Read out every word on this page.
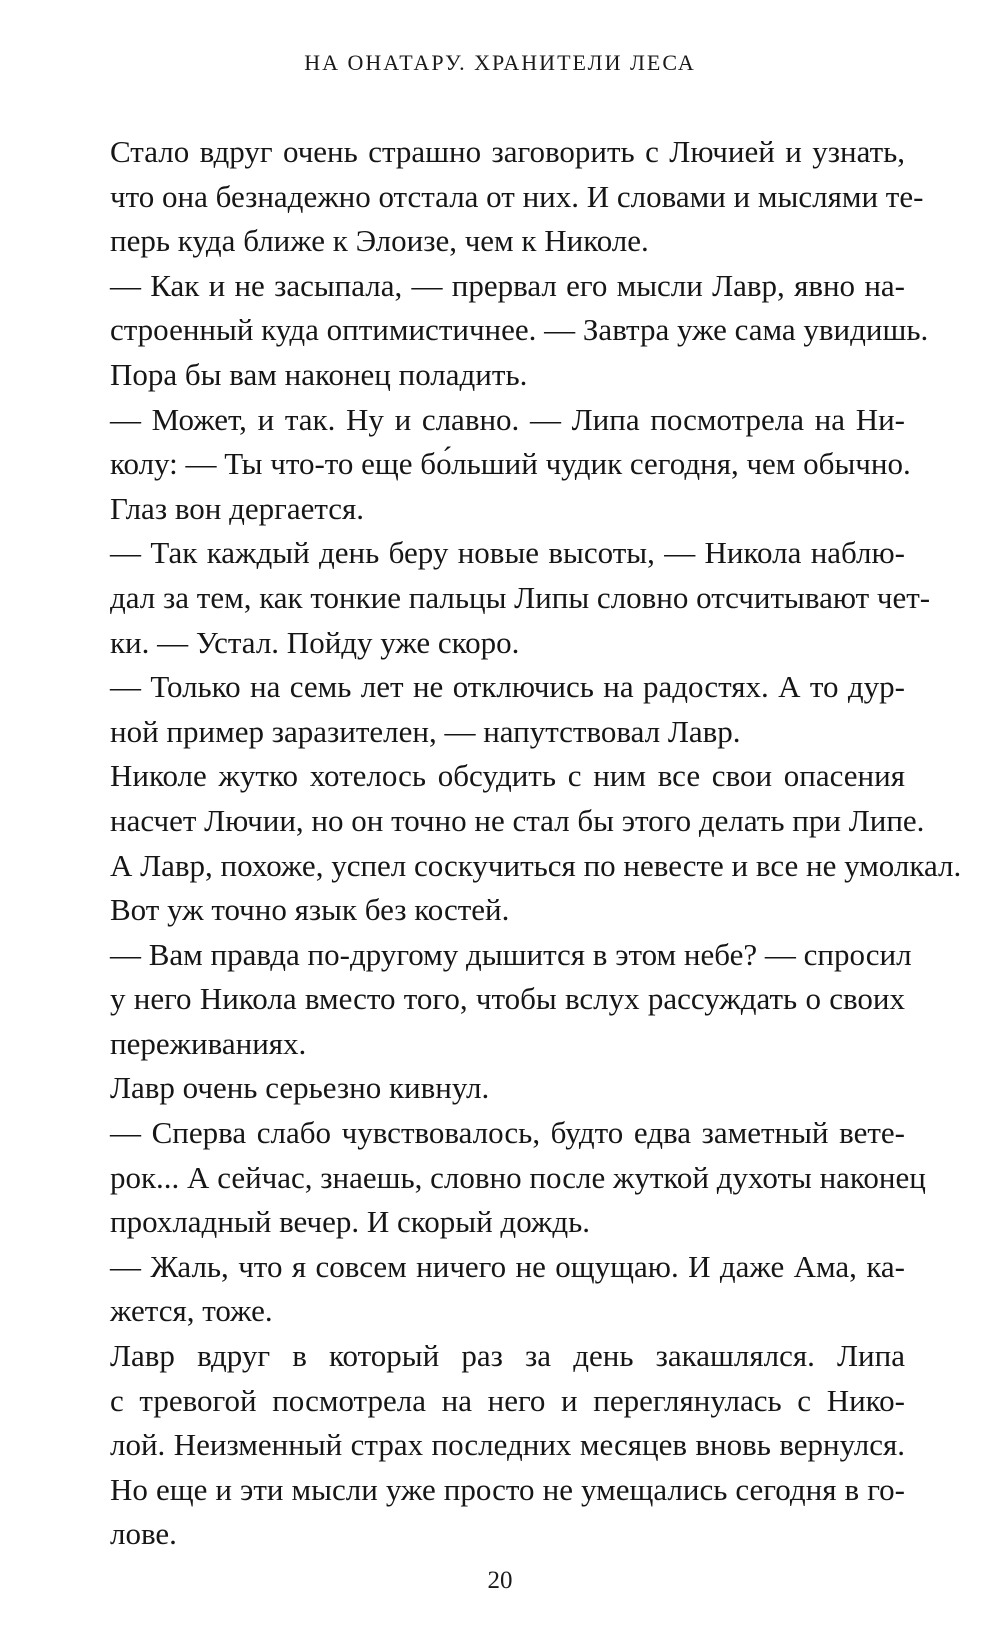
НА ОНАТАРУ. ХРАНИТЕЛИ ЛЕСА
Стало вдруг очень страшно заговорить с Лючией и узнать,
что она безнадежно отстала от них. И словами и мыслями те-
перь куда ближе к Элоизе, чем к Николе.
— Как и не засыпала, — прервал его мысли Лавр, явно на-
строенный куда оптимистичнее. — Завтра уже сама увидишь.
Пора бы вам наконец поладить.
— Может, и так. Ну и славно. — Липа посмотрела на Ни-
колу: — Ты что-то еще бо́льший чудик сегодня, чем обычно.
Глаз вон дергается.
— Так каждый день беру новые высоты, — Никола наблю-
дал за тем, как тонкие пальцы Липы словно отсчитывают чет-
ки. — Устал. Пойду уже скоро.
— Только на семь лет не отключись на радостях. А то дур-
ной пример заразителен, — напутствовал Лавр.
Николе жутко хотелось обсудить с ним все свои опасения
насчет Лючии, но он точно не стал бы этого делать при Липе.
А Лавр, похоже, успел соскучиться по невесте и все не умолкал.
Вот уж точно язык без костей.
— Вам правда по-другому дышится в этом небе? — спросил
у него Никола вместо того, чтобы вслух рассуждать о своих
переживаниях.
Лавр очень серьезно кивнул.
— Сперва слабо чувствовалось, будто едва заметный вете-
рок... А сейчас, знаешь, словно после жуткой духоты наконец
прохладный вечер. И скорый дождь.
— Жаль, что я совсем ничего не ощущаю. И даже Ама, ка-
жется, тоже.
Лавр вдруг в который раз за день закашлялся. Липа
с тревогой посмотрела на него и переглянулась с Нико-
лой. Неизменный страх последних месяцев вновь вернулся.
Но еще и эти мысли уже просто не умещались сегодня в го-
лове.
20
